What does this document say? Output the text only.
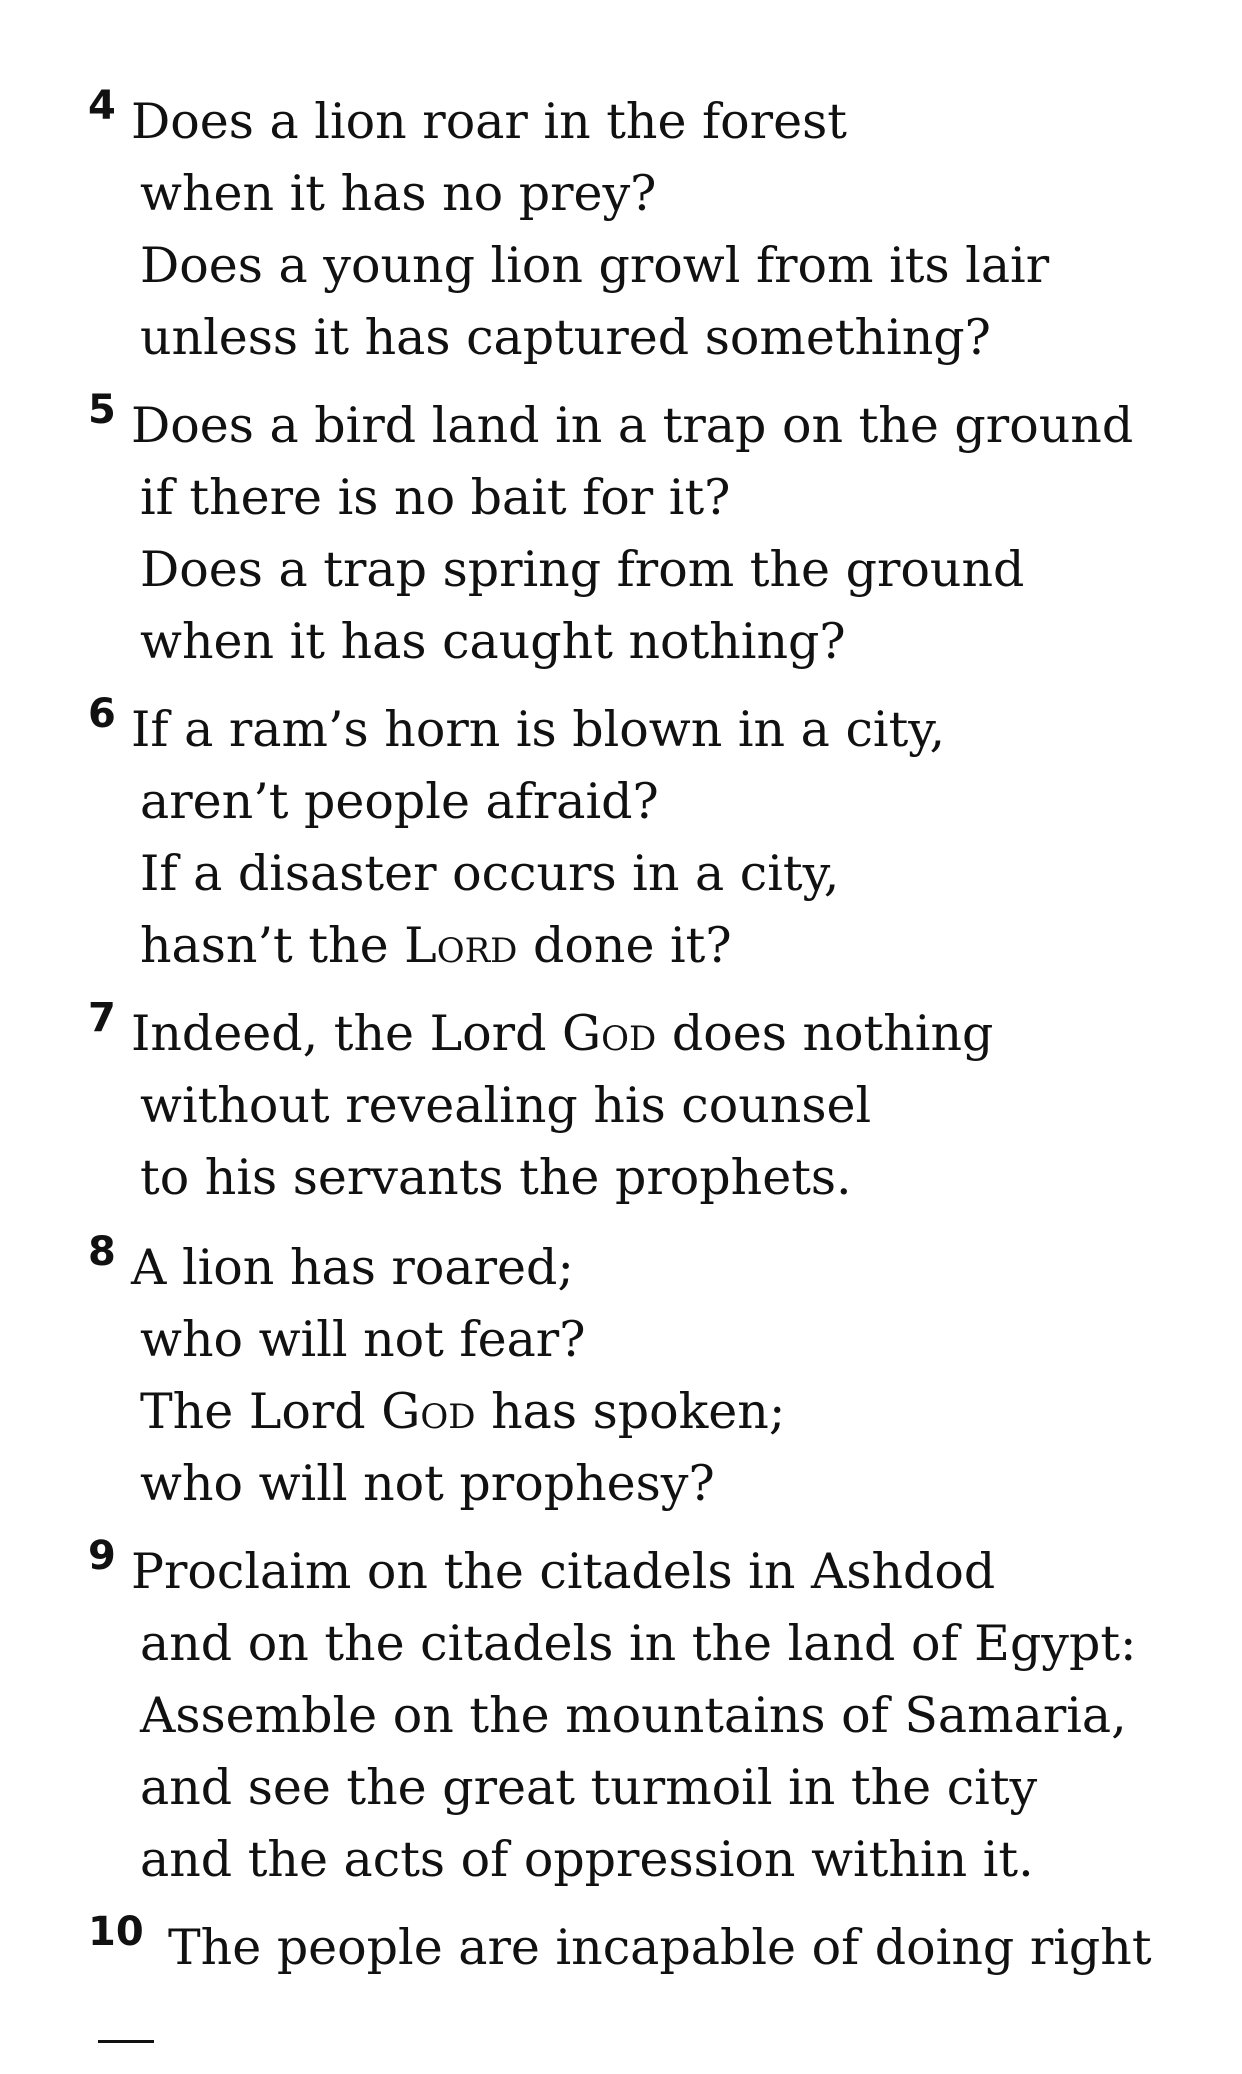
4 Does a lion roar in the forest
when it has no prey?
Does a young lion growl from its lair
unless it has captured something?
5 Does a bird land in a trap on the ground
if there is no bait for it?
Does a trap spring from the ground
when it has caught nothing?
6 If a ram’s horn is blown in a city,
aren’t people afraid?
If a disaster occurs in a city,
hasn’t the Lord done it?
7 Indeed, the Lord God does nothing
without revealing his counsel
to his servants the prophets.
8 A lion has roared;
who will not fear?
The Lord God has spoken;
who will not prophesy?
9 Proclaim on the citadels in Ashdod
and on the citadels in the land of Egypt:
Assemble on the mountains of Samaria,
and see the great turmoil in the city
and the acts of oppression within it.
10 The people are incapable of doing right
